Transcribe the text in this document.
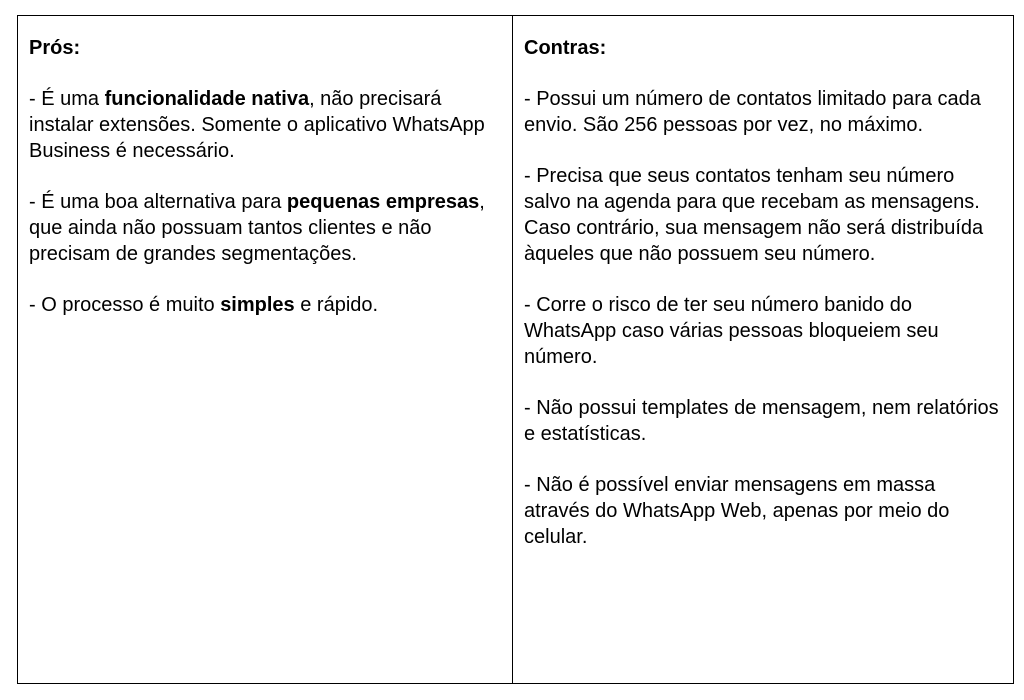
Prós:
- É uma funcionalidade nativa, não precisará instalar extensões. Somente o aplicativo WhatsApp Business é necessário.
- É uma boa alternativa para pequenas empresas, que ainda não possuam tantos clientes e não precisam de grandes segmentações.
- O processo é muito simples e rápido.
Contras:
- Possui um número de contatos limitado para cada envio. São 256 pessoas por vez, no máximo.
- Precisa que seus contatos tenham seu número salvo na agenda para que recebam as mensagens. Caso contrário, sua mensagem não será distribuída àqueles que não possuem seu número.
- Corre o risco de ter seu número banido do WhatsApp caso várias pessoas bloqueiem seu número.
- Não possui templates de mensagem, nem relatórios e estatísticas.
- Não é possível enviar mensagens em massa através do WhatsApp Web, apenas por meio do celular.
